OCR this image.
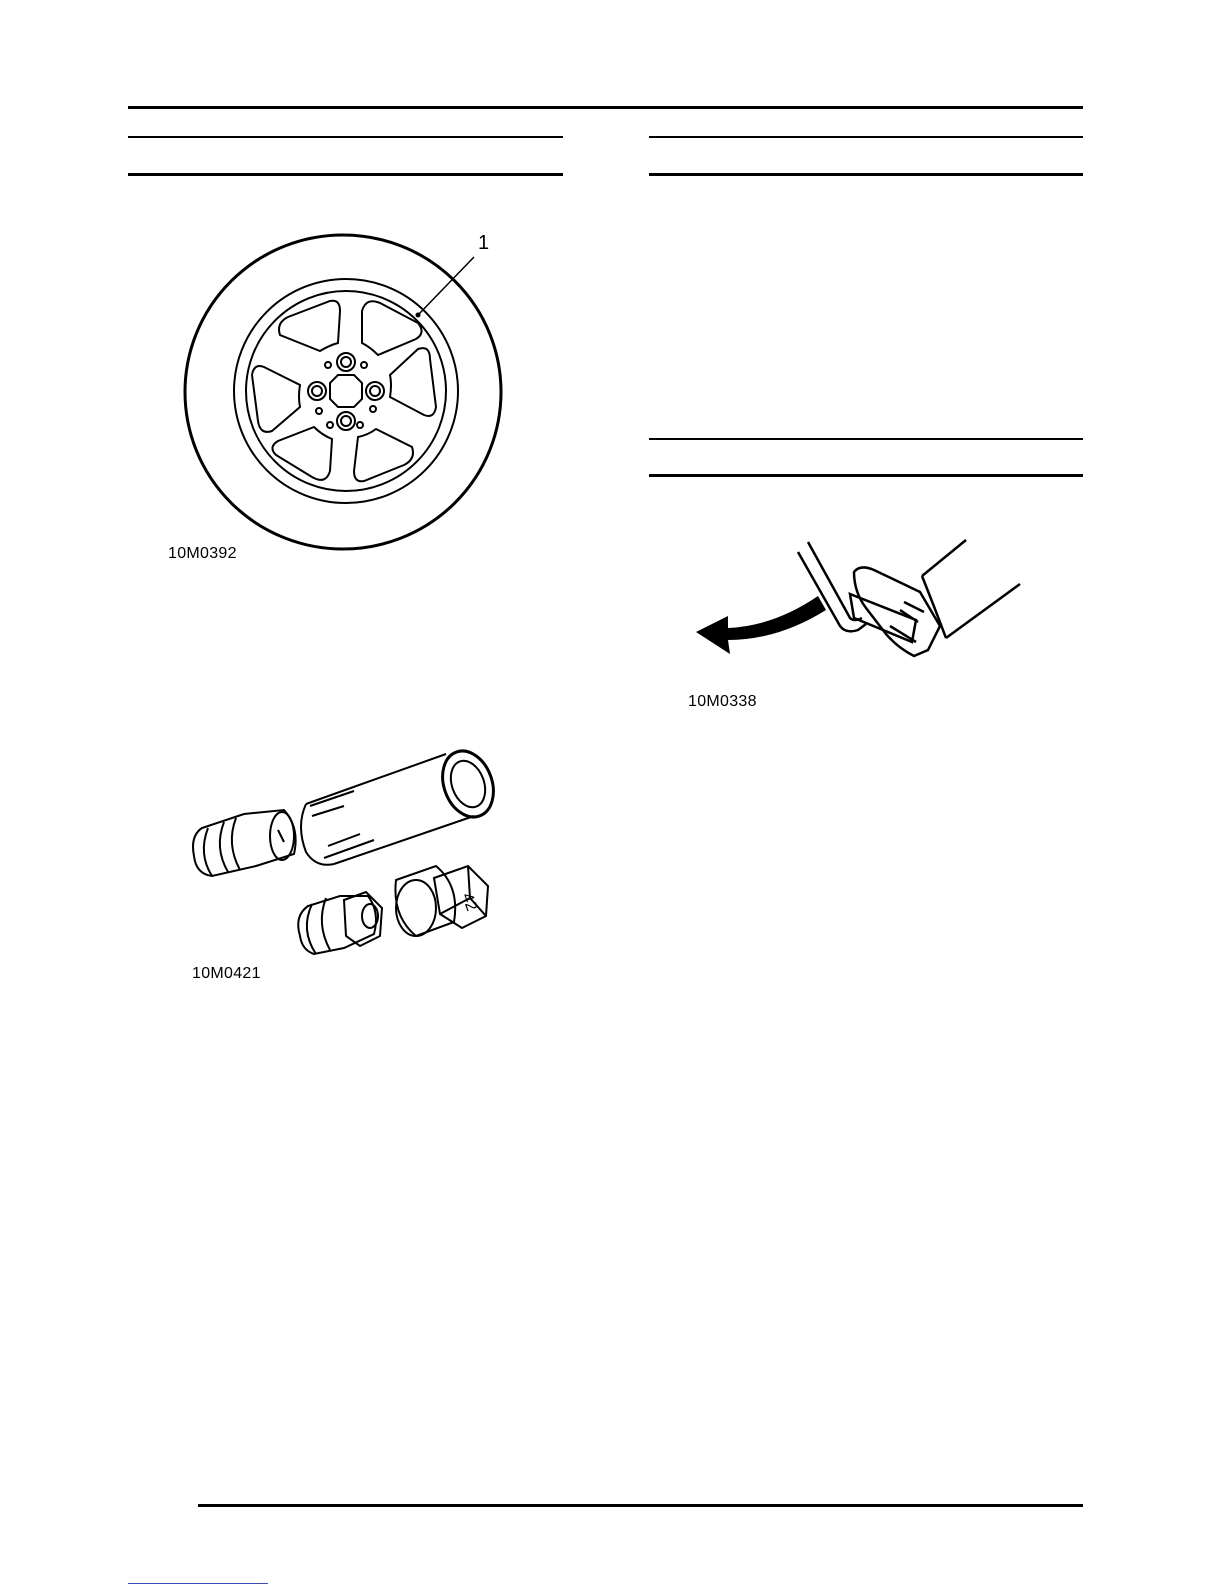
1
10M0392
42
10M0421
10M0338
